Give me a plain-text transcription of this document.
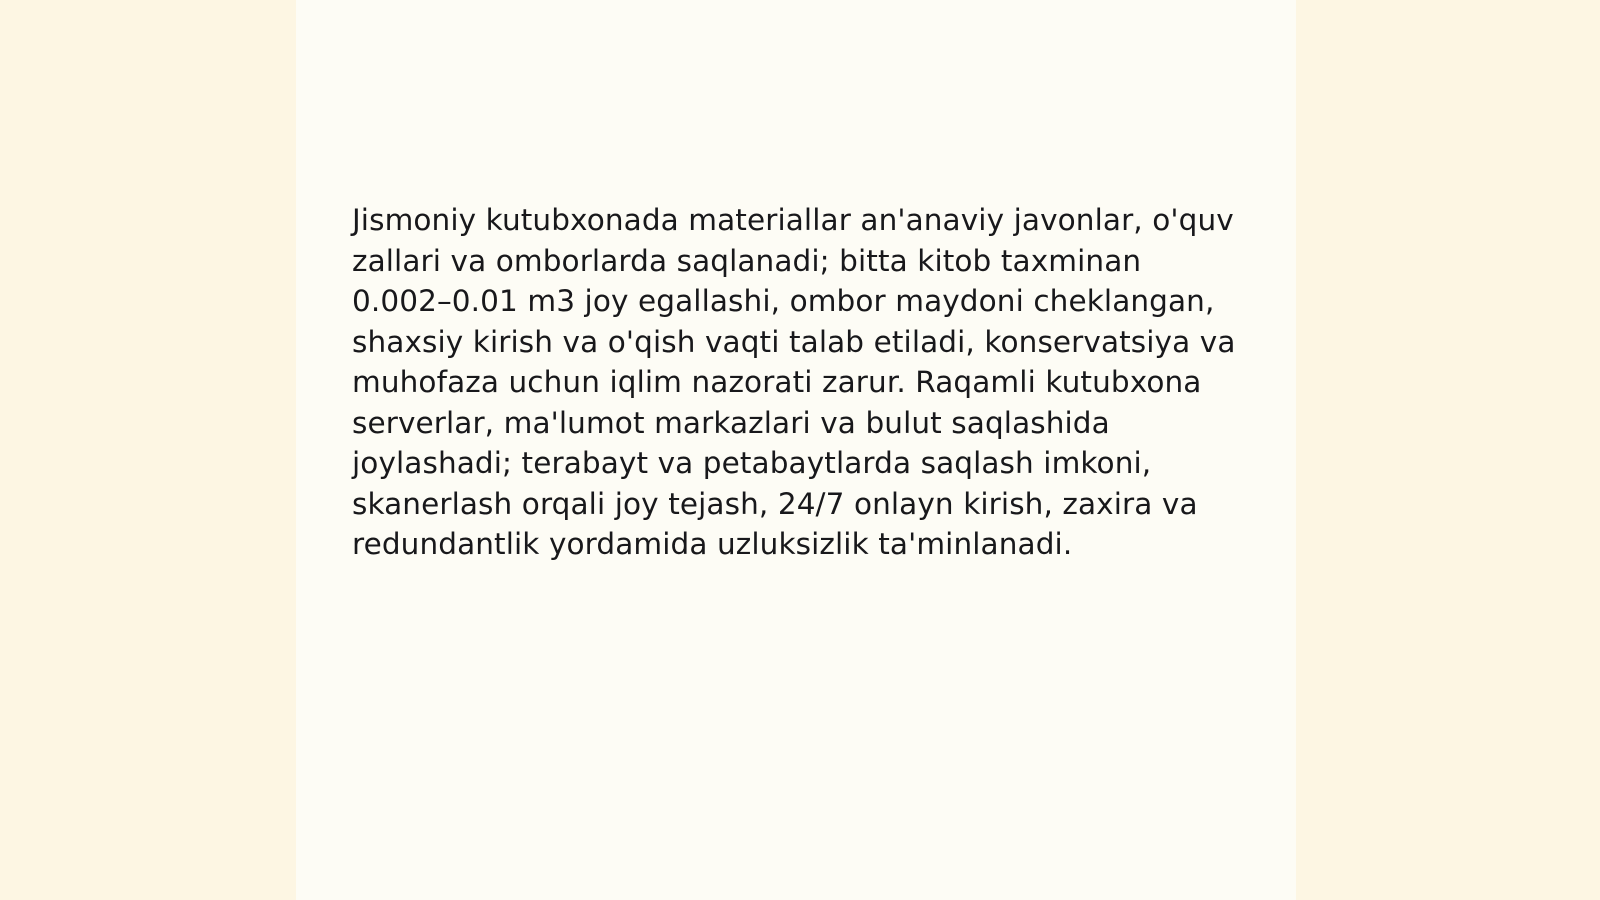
Jismoniy kutubxonada materiallar an'anaviy javonlar, o'quv zallari va omborlarda saqlanadi; bitta kitob taxminan 0.002–0.01 m3 joy egallashi, ombor maydoni cheklangan, shaxsiy kirish va o'qish vaqti talab etiladi, konservatsiya va muhofaza uchun iqlim nazorati zarur. Raqamli kutubxona serverlar, ma'lumot markazlari va bulut saqlashida joylashadi; terabayt va petabaytlarda saqlash imkoni, skanerlash orqali joy tejash, 24/7 onlayn kirish, zaxira va redundantlik yordamida uzluksizlik ta'minlanadi.
